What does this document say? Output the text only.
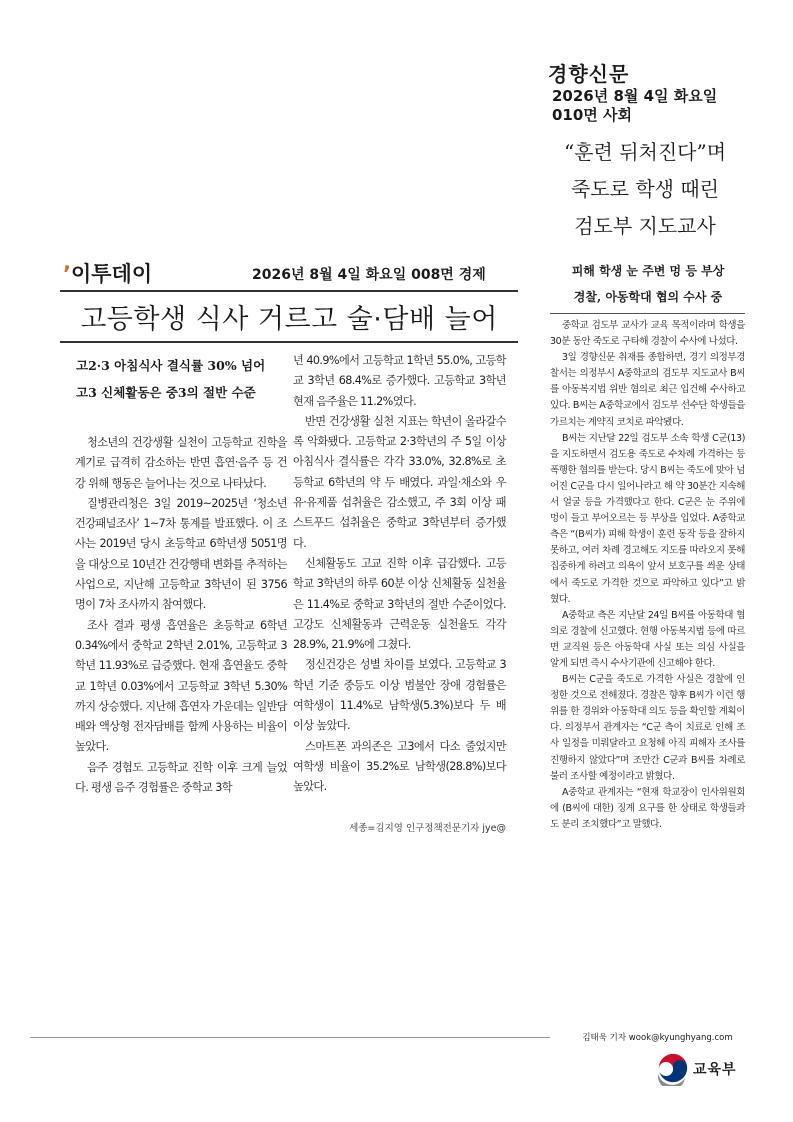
경향신문
2026년 8월 4일 화요일
010면 사회
“훈련 뒤처진다”며
죽도로 학생 때린
검도부 지도교사
피해 학생 눈 주변 멍 등 부상
경찰, 아동학대 협의 수사 중

중학교 검도부 교사가 교육 목적이라며 학생을 30분 동안 죽도로 구타해 경찰이 수사에 나섰다.

3일 경향신문 취재를 종합하면, 경기 의정부경찰서는 의정부시 A중학교의 검도부 지도교사 B씨를 아동복지법 위반 혐의로 최근 입건해 수사하고 있다. B씨는 A중학교에서 검도부 선수단 학생들을 가르치는 계약직 코치로 파악됐다.

B씨는 지난달 22일 검도부 소속 학생 C군(13)을 지도하면서 검도용 죽도로 수차례 가격하는 등 폭행한 혐의를 받는다. 당시 B씨는 죽도에 맞아 넘어진 C군을 다시 일어나라고 해 약 30분간 지속해서 얼굴 등을 가격했다고 한다. C군은 눈 주위에 멍이 들고 부어오르는 등 부상을 입었다. A중학교 측은 “(B씨가) 피해 학생이 훈련 동작 등을 잘하지 못하고, 여러 차례 경고해도 지도를 따라오지 못해 집중하게 하려고 의욕이 앞서 보호구를 씌운 상태에서 죽도로 가격한 것으로 파악하고 있다”고 밝혔다.

A중학교 측은 지난달 24일 B씨를 아동학대 협의로 경찰에 신고했다. 현행 아동복지법 등에 따르면 교직원 등은 아동학대 사실 또는 의심 사실을 알게 되면 즉시 수사기관에 신고해야 한다.

B씨는 C군을 죽도로 가격한 사실은 경찰에 인정한 것으로 전해졌다. 경찰은 향후 B씨가 이런 행위를 한 경위와 아동학대 의도 등을 확인할 계획이다. 의정부서 관계자는 “C군 측이 치료로 인해 조사 일정을 미뤄달라고 요청해 아직 피해자 조사를 진행하지 않았다”며 조만간 C군과 B씨를 차례로 불러 조사할 예정이라고 밝혔다.

A중학교 관계자는 “현재 학교장이 인사위원회에 (B씨에 대한) 징계 요구를 한 상태로 학생들과도 분리 조치했다”고 말했다.

김태욱 기자 wook@kyunghyang.com
ʼ이투데이	2026년 8월 4일 화요일 008면 경제
고등학생 식사 거르고 술·담배 늘어
고2·3 아침식사 결식률 30% 넘어
고3 신체활동은 중3의 절반 수준

청소년의 건강생활 실천이 고등학교 진학을 계기로 급격히 감소하는 반면 흡연·음주 등 건강 위해 행동은 늘어나는 것으로 나타났다.

질병관리청은 3일 2019~2025년 ‘청소년건강패널조사’ 1~7차 통계를 발표했다. 이 조사는 2019년 당시 초등학교 6학년생 5051명을 대상으로 10년간 건강행태 변화를 추적하는 사업으로, 지난해 고등학교 3학년이 된 3756명이 7차 조사까지 참여했다.

조사 결과 평생 흡연율은 초등학교 6학년 0.34%에서 중학교 2학년 2.01%, 고등학교 3학년 11.93%로 급증했다. 현재 흡연율도 중학교 1학년 0.03%에서 고등학교 3학년 5.30%까지 상승했다. 지난해 흡연자 가운데는 일반담배와 액상형 전자담배를 함께 사용하는 비율이 높았다.

음주 경험도 고등학교 진학 이후 크게 늘었다. 평생 음주 경험률은 중학교 3학

년 40.9%에서 고등학교 1학년 55.0%, 고등학교 3학년 68.4%로 증가했다. 고등학교 3학년 현재 음주율은 11.2%였다.

반면 건강생활 실천 지표는 학년이 올라갈수록 악화됐다. 고등학교 2·3학년의 주 5일 이상 아침식사 결식률은 각각 33.0%, 32.8%로 초등학교 6학년의 약 두 배였다. 과일·채소와 우유·유제품 섭취율은 감소했고, 주 3회 이상 패스트푸드 섭취율은 중학교 3학년부터 증가했다.

신체활동도 고교 진학 이후 급감했다. 고등학교 3학년의 하루 60분 이상 신체활동 실천율은 11.4%로 중학교 3학년의 절반 수준이었다. 고강도 신체활동과 근력운동 실천율도 각각 28.9%, 21.9%에 그쳤다.

정신건강은 성별 차이를 보였다. 고등학교 3학년 기준 중등도 이상 범불안 장애 경험률은 여학생이 11.4%로 남학생(5.3%)보다 두 배 이상 높았다.

스마트폰 과의존은 고3에서 다소 줄었지만 여학생 비율이 35.2%로 남학생(28.8%)보다 높았다.

세종=김지영 인구정책전문기자 jye@
교육부
